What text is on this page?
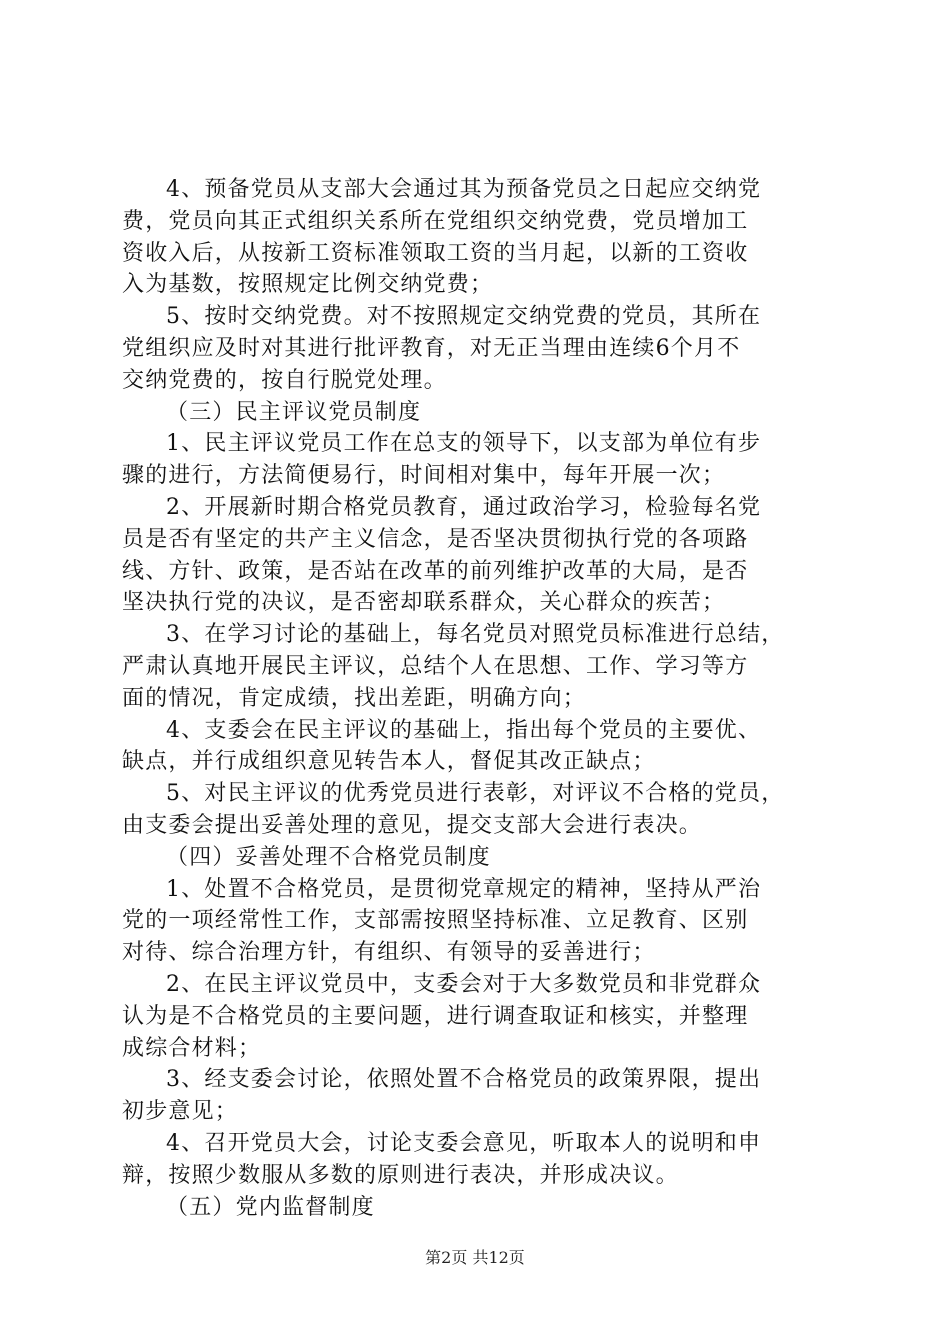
4、预备党员从支部大会通过其为预备党员之日起应交纳党
费，党员向其正式组织关系所在党组织交纳党费，党员增加工
资收入后，从按新工资标准领取工资的当月起，以新的工资收
入为基数，按照规定比例交纳党费；
5、按时交纳党费。对不按照规定交纳党费的党员，其所在
党组织应及时对其进行批评教育，对无正当理由连续6个月不
交纳党费的，按自行脱党处理。
（三）民主评议党员制度
1、民主评议党员工作在总支的领导下，以支部为单位有步
骤的进行，方法简便易行，时间相对集中，每年开展一次；
2、开展新时期合格党员教育，通过政治学习，检验每名党
员是否有坚定的共产主义信念，是否坚决贯彻执行党的各项路
线、方针、政策，是否站在改革的前列维护改革的大局，是否
坚决执行党的决议，是否密却联系群众，关心群众的疾苦；
3、在学习讨论的基础上，每名党员对照党员标准进行总结，
严肃认真地开展民主评议，总结个人在思想、工作、学习等方
面的情况，肯定成绩，找出差距，明确方向；
4、支委会在民主评议的基础上，指出每个党员的主要优、
缺点，并行成组织意见转告本人，督促其改正缺点；
5、对民主评议的优秀党员进行表彰，对评议不合格的党员，
由支委会提出妥善处理的意见，提交支部大会进行表决。
（四）妥善处理不合格党员制度
1、处置不合格党员，是贯彻党章规定的精神，坚持从严治
党的一项经常性工作，支部需按照坚持标准、立足教育、区别
对待、综合治理方针，有组织、有领导的妥善进行；
2、在民主评议党员中，支委会对于大多数党员和非党群众
认为是不合格党员的主要问题，进行调查取证和核实，并整理
成综合材料；
3、经支委会讨论，依照处置不合格党员的政策界限，提出
初步意见；
4、召开党员大会，讨论支委会意见，听取本人的说明和申
辩，按照少数服从多数的原则进行表决，并形成决议。
（五）党内监督制度
第2页 共12页
